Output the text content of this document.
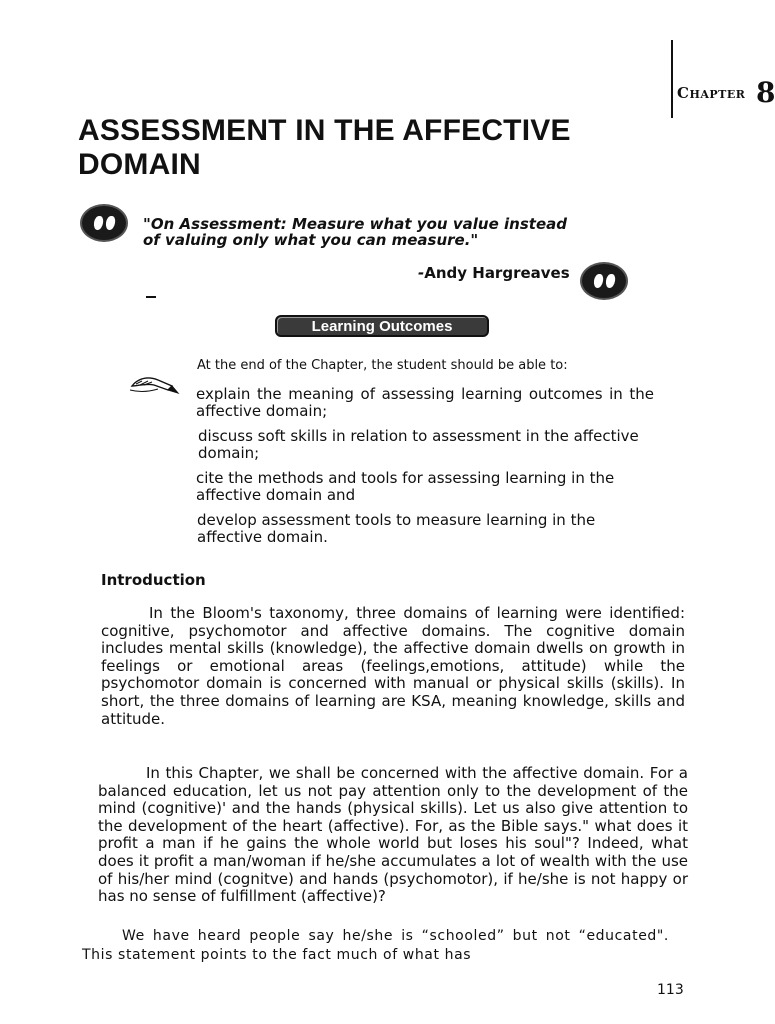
Chapter 8
ASSESSMENT IN THE AFFECTIVE
DOMAIN

"On Assessment: Measure what you value instead of valuing only what you can measure."

-Andy Hargreaves
Learning Outcomes
At the end of the Chapter, the student should be able to:

explain the meaning of assessing learning outcomes in the affective domain;

discuss soft skills in relation to assessment in the affective domain;

cite the methods and tools for assessing learning in the affective domain and

develop assessment tools to measure learning in the affective domain.

Introduction

In the Bloom's taxonomy, three domains of learning were identified: cognitive, psychomotor and affective domains. The cognitive domain includes mental skills (knowledge), the affective domain dwells on growth in feelings or emotional areas (feelings,emotions, attitude) while the psychomotor domain is concerned with manual or physical skills (skills). In short, the three domains of learning are KSA, meaning knowledge, skills and attitude.

In this Chapter, we shall be concerned with the affective domain. For a balanced education, let us not pay attention only to the development of the mind (cognitive)' and the hands (physical skills). Let us also give attention to the development of the heart (affective). For, as the Bible says." what does it profit a man if he gains the whole world but loses his soul"? Indeed, what does it profit a man/woman if he/she accumulates a lot of wealth with the use of his/her mind (cognitve) and hands (psychomotor), if he/she is not happy or has no sense of fulfillment (affective)?

We have heard people say he/she is “schooled” but not “educated". This statement points to the fact much of what has

113
